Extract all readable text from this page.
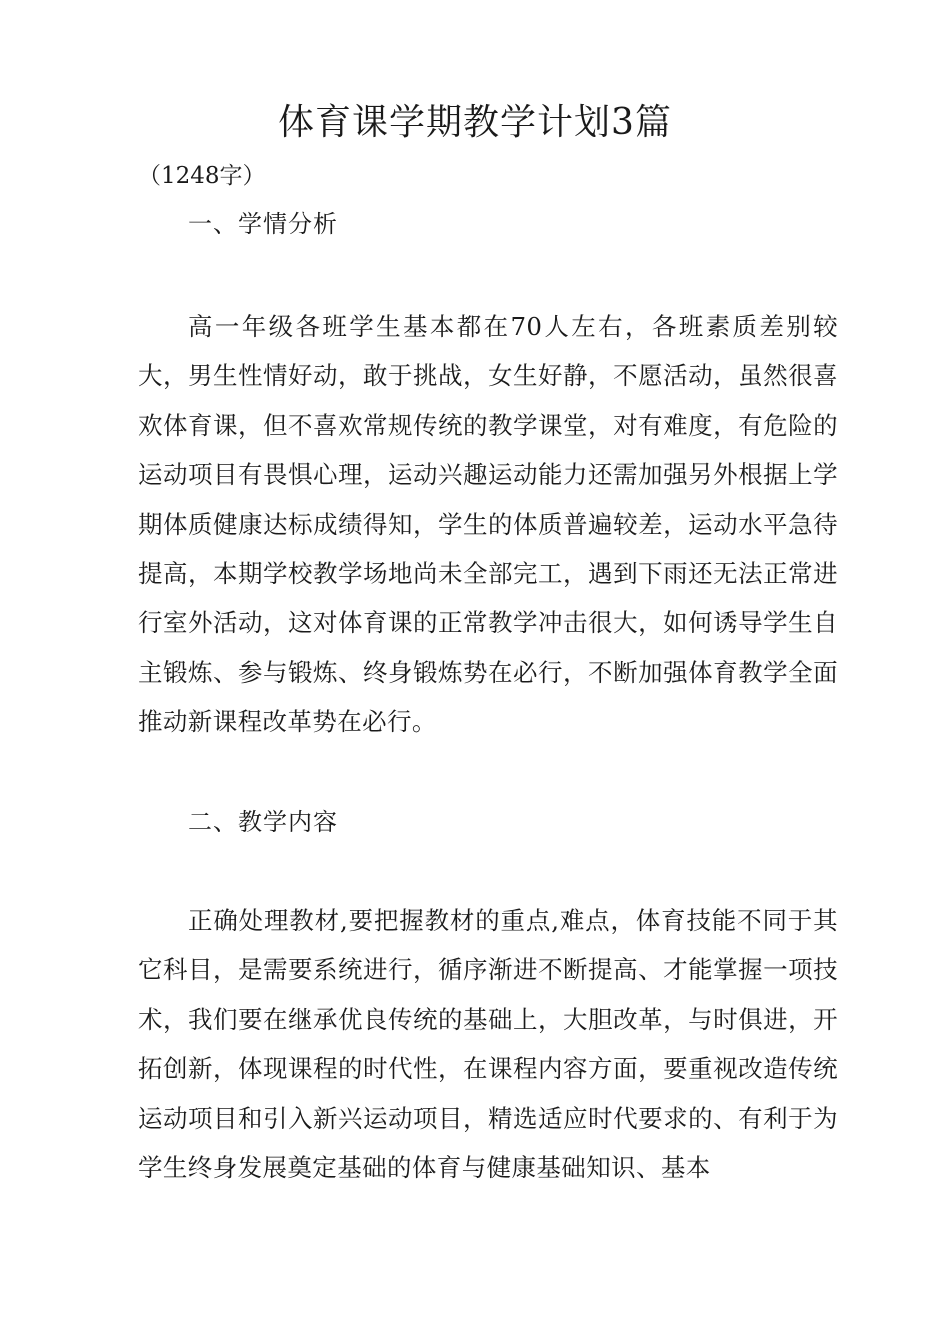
体育课学期教学计划3篇
（1248字）
一、学情分析

高一年级各班学生基本都在70人左右，各班素质差别较大，男生性情好动，敢于挑战，女生好静，不愿活动，虽然很喜欢体育课，但不喜欢常规传统的教学课堂，对有难度，有危险的运动项目有畏惧心理，运动兴趣运动能力还需加强另外根据上学期体质健康达标成绩得知，学生的体质普遍较差，运动水平急待提高，本期学校教学场地尚未全部完工，遇到下雨还无法正常进行室外活动，这对体育课的正常教学冲击很大，如何诱导学生自主锻炼、参与锻炼、终身锻炼势在必行，不断加强体育教学全面推动新课程改革势在必行。

二、教学内容

正确处理教材,要把握教材的重点,难点，体育技能不同于其它科目，是需要系统进行，循序渐进不断提高、才能掌握一项技术，我们要在继承优良传统的基础上，大胆改革，与时俱进，开拓创新，体现课程的时代性，在课程内容方面，要重视改造传统运动项目和引入新兴运动项目，精选适应时代要求的、有利于为学生终身发展奠定基础的体育与健康基础知识、基本
